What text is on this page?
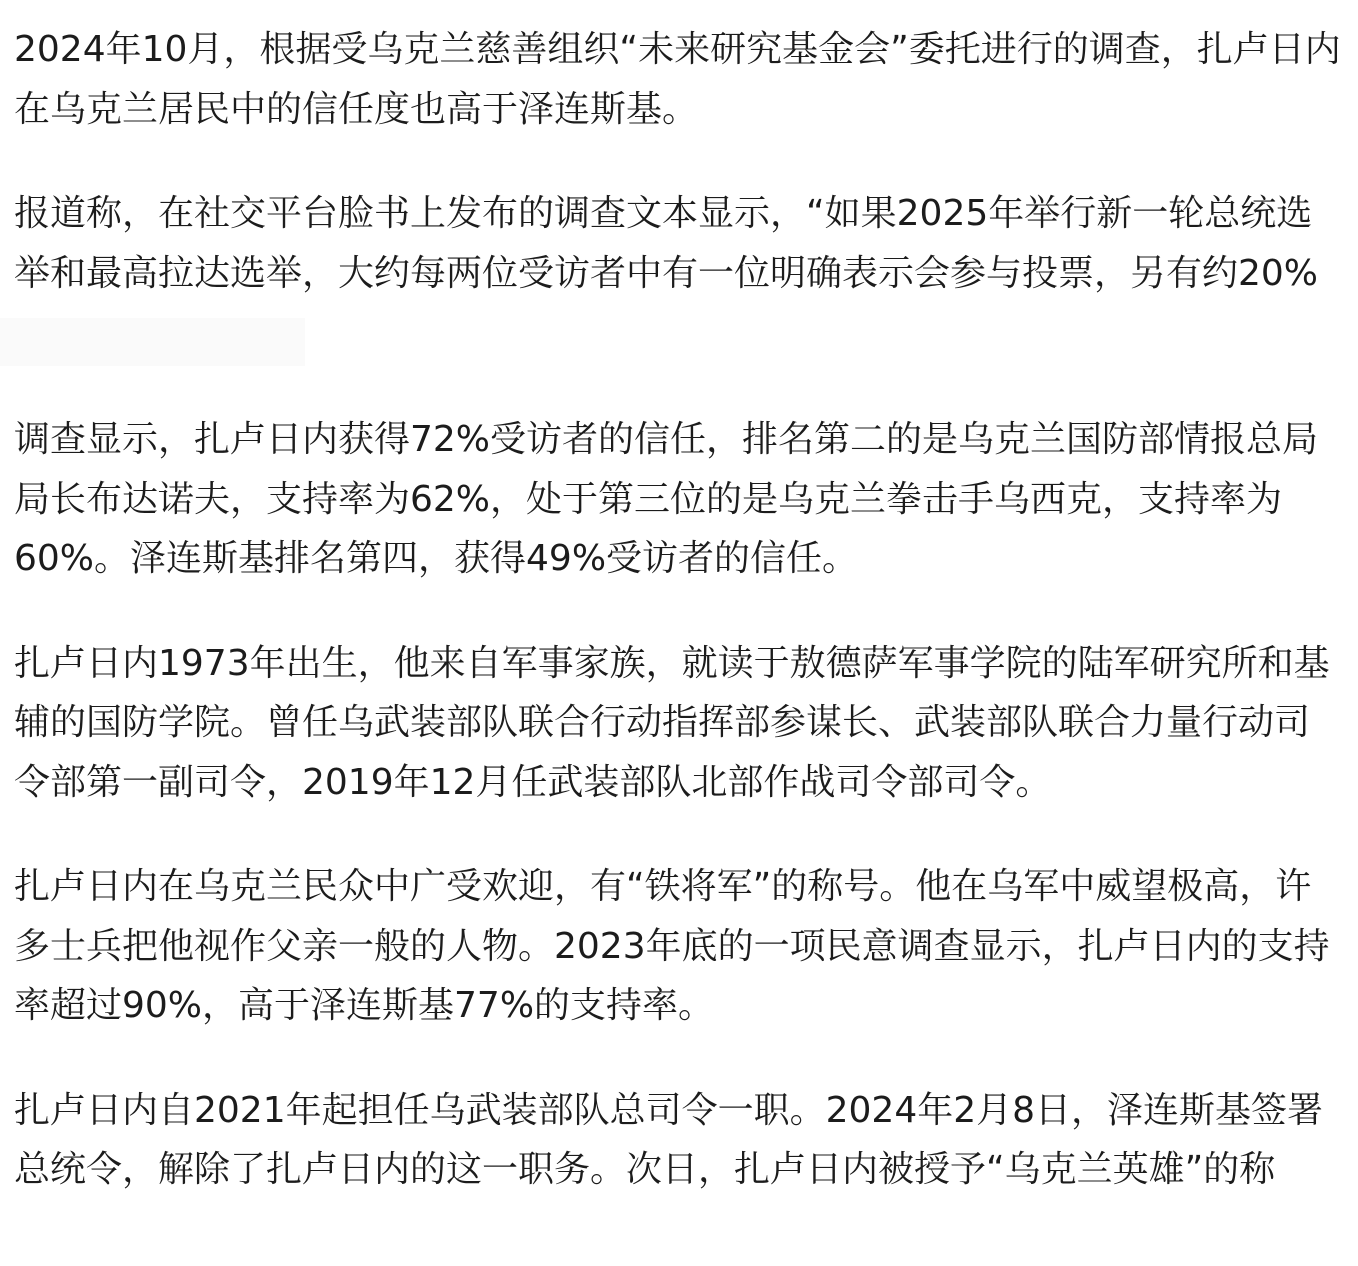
2024年10月，根据受乌克兰慈善组织“未来研究基金会”委托进行的调查，扎卢日内
在乌克兰居民中的信任度也高于泽连斯基。
报道称，在社交平台脸书上发布的调查文本显示，“如果2025年举行新一轮总统选
举和最高拉达选举，大约每两位受访者中有一位明确表示会参与投票，另有约20%
调查显示，扎卢日内获得72%受访者的信任，排名第二的是乌克兰国防部情报总局
局长布达诺夫，支持率为62%，处于第三位的是乌克兰拳击手乌西克，支持率为
60%。泽连斯基排名第四，获得49%受访者的信任。
扎卢日内1973年出生，他来自军事家族，就读于敖德萨军事学院的陆军研究所和基
辅的国防学院。曾任乌武装部队联合行动指挥部参谋长、武装部队联合力量行动司
令部第一副司令，2019年12月任武装部队北部作战司令部司令。
扎卢日内在乌克兰民众中广受欢迎，有“铁将军”的称号。他在乌军中威望极高，许
多士兵把他视作父亲一般的人物。2023年底的一项民意调查显示，扎卢日内的支持
率超过90%，高于泽连斯基77%的支持率。
扎卢日内自2021年起担任乌武装部队总司令一职。2024年2月8日，泽连斯基签署
总统令，解除了扎卢日内的这一职务。次日，扎卢日内被授予“乌克兰英雄”的称
